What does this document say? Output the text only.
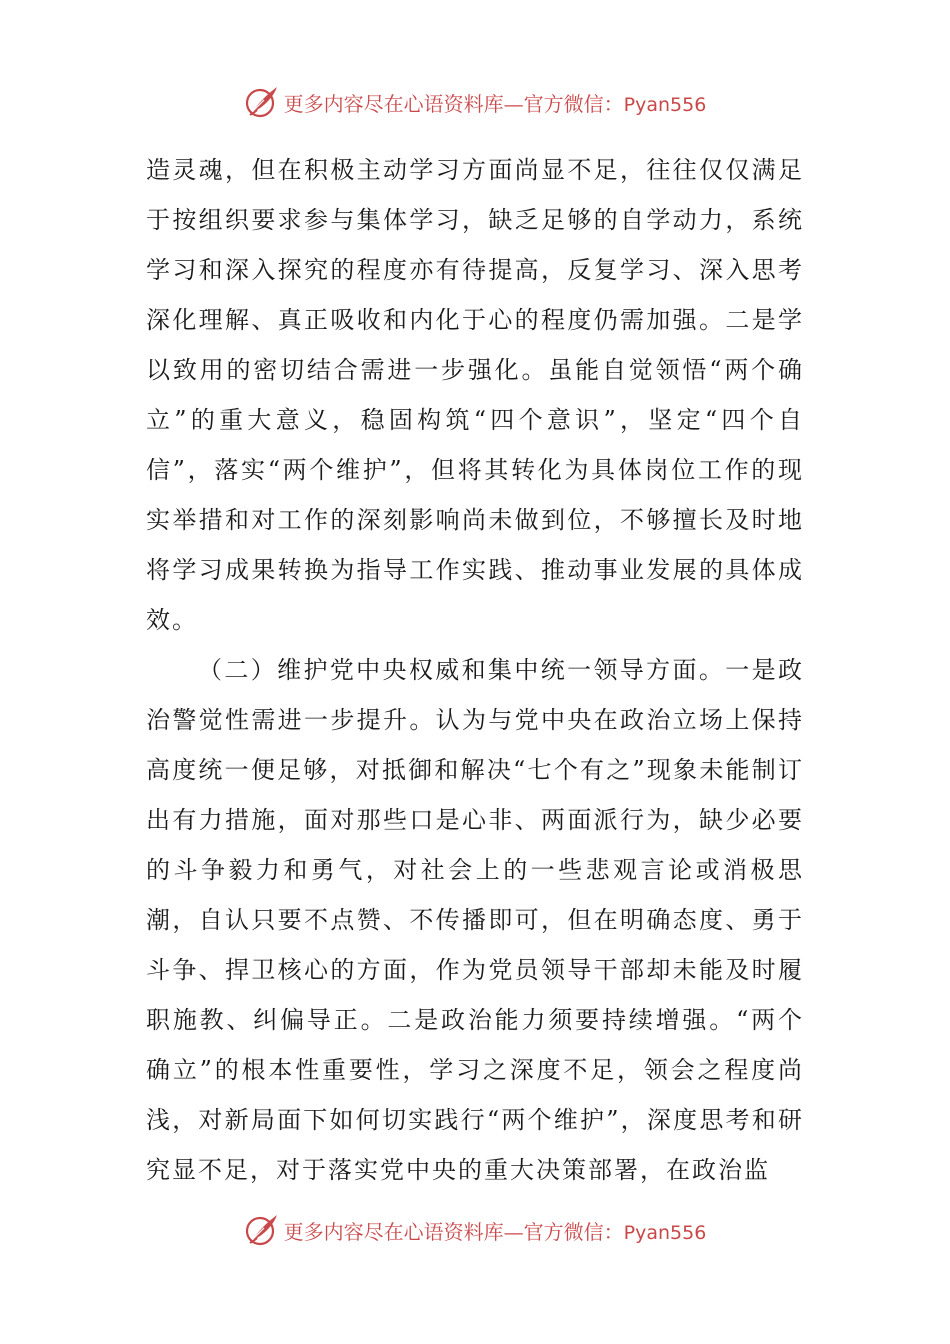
更多内容尽在心语资料库—官方微信：Pyan556

造灵魂，但在积极主动学习方面尚显不足，往往仅仅满足于按组织要求参与集体学习，缺乏足够的自学动力，系统学习和深入探究的程度亦有待提高，反复学习、深入思考深化理解、真正吸收和内化于心的程度仍需加强。二是学以致用的密切结合需进一步强化。虽能自觉领悟“两个确立”的重大意义，稳固构筑“四个意识”，坚定“四个自信”，落实“两个维护”，但将其转化为具体岗位工作的现实举措和对工作的深刻影响尚未做到位，不够擅长及时地将学习成果转换为指导工作实践、推动事业发展的具体成效。

（二）维护党中央权威和集中统一领导方面。一是政治警觉性需进一步提升。认为与党中央在政治立场上保持高度统一便足够，对抵御和解决“七个有之”现象未能制订出有力措施，面对那些口是心非、两面派行为，缺少必要的斗争毅力和勇气，对社会上的一些悲观言论或消极思潮，自认只要不点赞、不传播即可，但在明确态度、勇于斗争、捍卫核心的方面，作为党员领导干部却未能及时履职施教、纠偏导正。二是政治能力须要持续增强。“两个确立”的根本性重要性，学习之深度不足，领会之程度尚浅，对新局面下如何切实践行“两个维护”，深度思考和研究显不足，对于落实党中央的重大决策部署，在政治监

更多内容尽在心语资料库—官方微信：Pyan556
